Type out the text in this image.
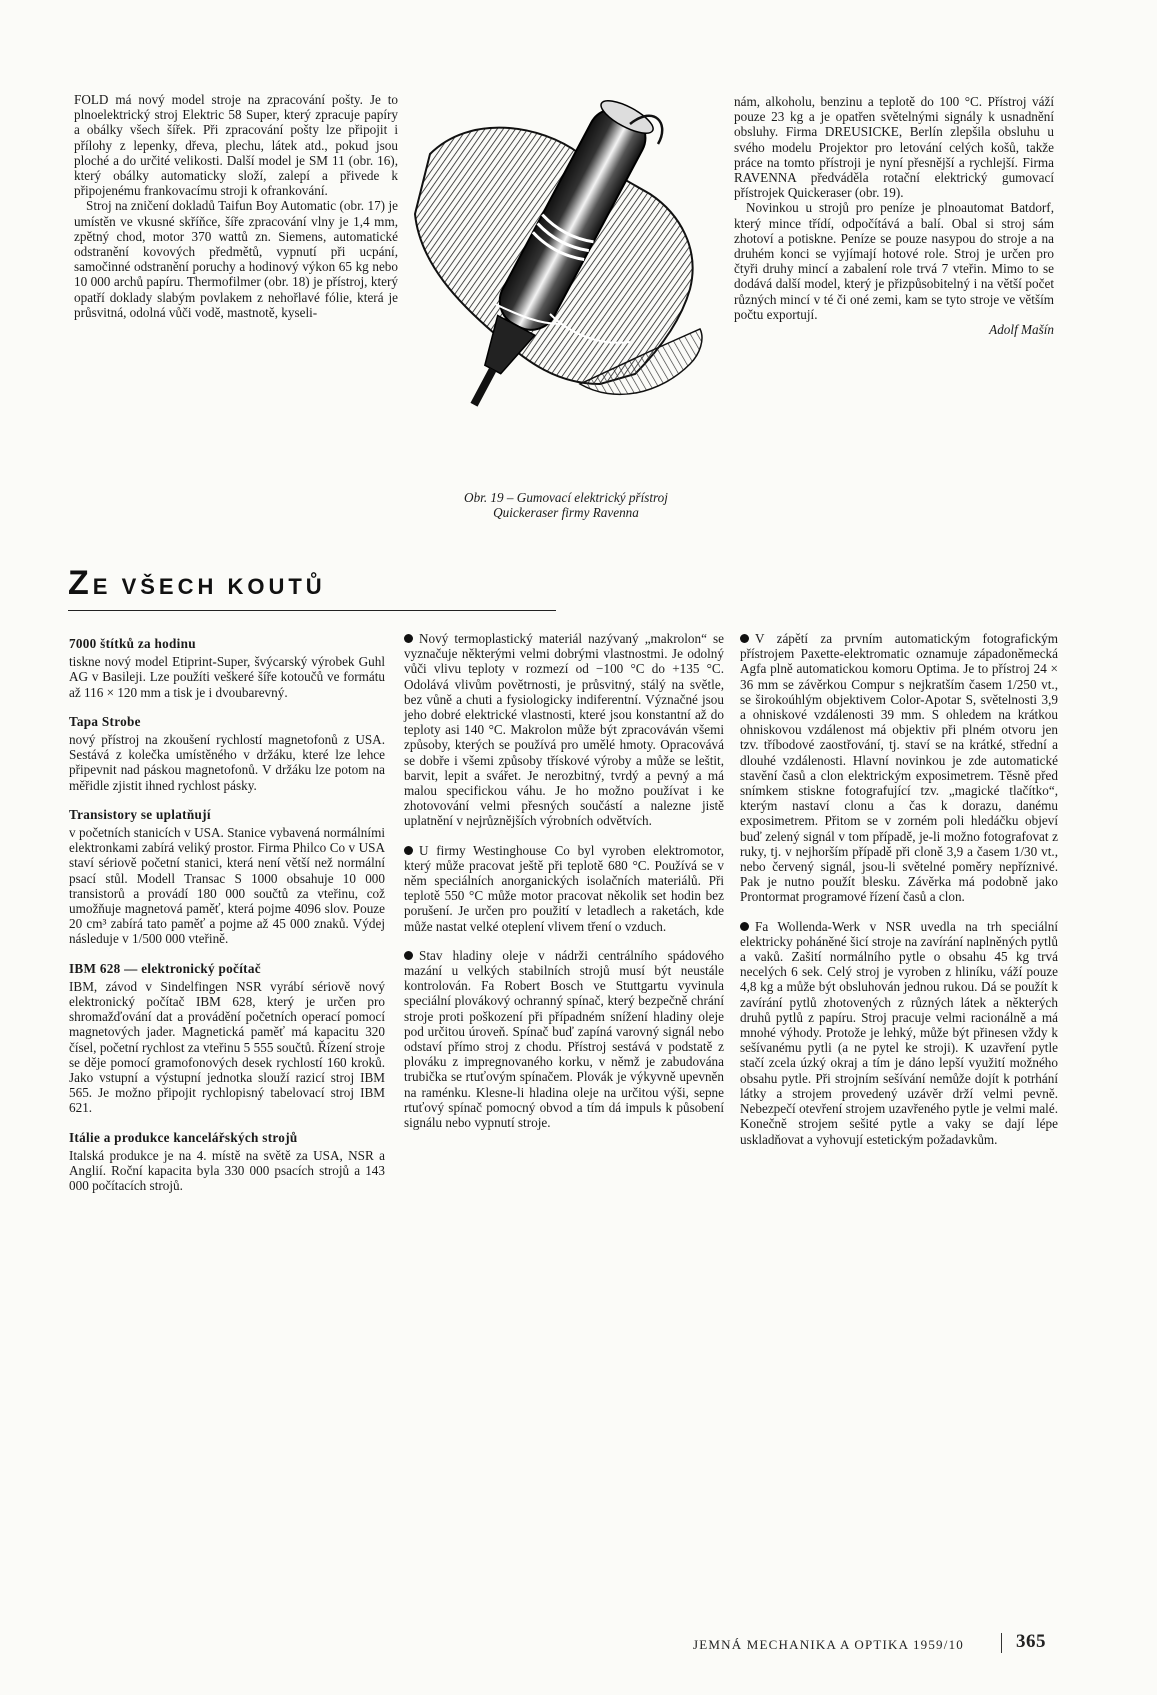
FOLD má nový model stroje na zpracování pošty. Je to plnoelektrický stroj Elektric 58 Super, který zpracuje papíry a obálky všech šířek. Při zpracování pošty lze připojit i přílohy z lepenky, dřeva, plechu, látek atd., pokud jsou ploché a do určité velikosti. Další model je SM 11 (obr. 16), který obálky automaticky složí, zalepí a přivede k připojenému frankovacímu stroji k ofrankování.

Stroj na zničení dokladů Taifun Boy Automatic (obr. 17) je umístěn ve vkusné skříňce, šíře zpracování vlny je 1,4 mm, zpětný chod, motor 370 wattů zn. Siemens, automatické odstranění kovových předmětů, vypnutí při ucpání, samočinné odstranění poruchy a hodinový výkon 65 kg nebo 10 000 archů papíru. Thermofilmer (obr. 18) je přístroj, který opatří doklady slabým povlakem z nehořlavé fólie, která je průsvitná, odolná vůči vodě, mastnotě, kyseli-

Obr. 19 – Gumovací elektrický přístroj
Quickeraser firmy Ravenna

nám, alkoholu, benzinu a teplotě do 100 °C. Přístroj váží pouze 23 kg a je opatřen světelnými signály k usnadnění obsluhy. Firma DREUSICKE, Berlín zlepšila obsluhu u svého modelu Projektor pro letování celých košů, takže práce na tomto přístroji je nyní přesnější a rychlejší. Firma RAVENNA předváděla rotační elektrický gumovací přístrojek Quickeraser (obr. 19).

Novinkou u strojů pro peníze je plnoautomat Batdorf, který mince třídí, odpočítává a balí. Obal si stroj sám zhotoví a potiskne. Peníze se pouze nasypou do stroje a na druhém konci se vyjímají hotové role. Stroj je určen pro čtyři druhy mincí a zabalení role trvá 7 vteřin. Mimo to se dodává další model, který je přizpůsobitelný i na větší počet různých mincí v té či oné zemi, kam se tyto stroje ve větším počtu exportují.

Adolf Mašín

ZE VŠECH KOUTŮ
7000 štítků za hodinu

tiskne nový model Etiprint-Super, švýcarský výrobek Guhl AG v Basileji. Lze použíti veškeré šíře kotoučů ve formátu až 116 × 120 mm a tisk je i dvoubarevný.

Tapa Strobe

nový přístroj na zkoušení rychlostí magnetofonů z USA. Sestává z kolečka umístěného v držáku, které lze lehce připevnit nad páskou magnetofonů. V držáku lze potom na měřidle zjistit ihned rychlost pásky.

Transistory se uplatňují

v početních stanicích v USA. Stanice vybavená normálními elektronkami zabírá veliký prostor. Firma Philco Co v USA staví sériově početní stanici, která není větší než normální psací stůl. Modell Transac S 1000 obsahuje 10 000 transistorů a provádí 180 000 součtů za vteřinu, což umožňuje magnetová paměť, která pojme 4096 slov. Pouze 20 cm³ zabírá tato paměť a pojme až 45 000 znaků. Výdej následuje v 1/500 000 vteřině.

IBM 628 — elektronický počítač

IBM, závod v Sindelfingen NSR vyrábí sériově nový elektronický počítač IBM 628, který je určen pro shromažďování dat a provádění početních operací pomocí magnetových jader. Magnetická paměť má kapacitu 320 čísel, početní rychlost za vteřinu 5 555 součtů. Řízení stroje se děje pomocí gramofonových desek rychlostí 160 kroků. Jako vstupní a výstupní jednotka slouží razicí stroj IBM 565. Je možno připojit rychlopisný tabelovací stroj IBM 621.

Itálie a produkce kancelářských strojů

Italská produkce je na 4. místě na světě za USA, NSR a Anglií. Roční kapacita byla 330 000 psacích strojů a 143 000 počítacích strojů.

Nový termoplastický materiál nazývaný „makrolon“ se vyznačuje některými velmi dobrými vlastnostmi. Je odolný vůči vlivu teploty v rozmezí od −100 °C do +135 °C. Odolává vlivům povětrnosti, je průsvitný, stálý na světle, bez vůně a chuti a fysiologicky indiferentní. Význačné jsou jeho dobré elektrické vlastnosti, které jsou konstantní až do teploty asi 140 °C. Makrolon může být zpracováván všemi způsoby, kterých se používá pro umělé hmoty. Opracovává se dobře i všemi způsoby třískové výroby a může se leštit, barvit, lepit a svářet. Je nerozbitný, tvrdý a pevný a má malou specifickou váhu. Je ho možno používat i ke zhotovování velmi přesných součástí a nalezne jistě uplatnění v nejrůznějších výrobních odvětvích.

U firmy Westinghouse Co byl vyroben elektromotor, který může pracovat ještě při teplotě 680 °C. Používá se v něm speciálních anorganických isolačních materiálů. Při teplotě 550 °C může motor pracovat několik set hodin bez porušení. Je určen pro použití v letadlech a raketách, kde může nastat velké oteplení vlivem tření o vzduch.

Stav hladiny oleje v nádrži centrálního spádového mazání u velkých stabilních strojů musí být neustále kontrolován. Fa Robert Bosch ve Stuttgartu vyvinula speciální plovákový ochranný spínač, který bezpečně chrání stroje proti poškození při případném snížení hladiny oleje pod určitou úroveň. Spínač buď zapíná varovný signál nebo odstaví přímo stroj z chodu. Přístroj sestává v podstatě z plováku z impregnovaného korku, v němž je zabudována trubička se rtuťovým spínačem. Plovák je výkyvně upevněn na raménku. Klesne-li hladina oleje na určitou výši, sepne rtuťový spínač pomocný obvod a tím dá impuls k působení signálu nebo vypnutí stroje.

V zápětí za prvním automatickým fotografickým přístrojem Paxette-elektromatic oznamuje západoněmecká Agfa plně automatickou komoru Optima. Je to přístroj 24 × 36 mm se závěrkou Compur s nejkratším časem 1/250 vt., se širokoúhlým objektivem Color-Apotar S, světelnosti 3,9 a ohniskové vzdálenosti 39 mm. S ohledem na krátkou ohniskovou vzdálenost má objektiv při plném otvoru jen tzv. tříbodové zaostřování, tj. staví se na krátké, střední a dlouhé vzdálenosti. Hlavní novinkou je zde automatické stavění časů a clon elektrickým exposimetrem. Těsně před snímkem stiskne fotografující tzv. „magické tlačítko“, kterým nastaví clonu a čas k dorazu, danému exposimetrem. Přitom se v zorném poli hledáčku objeví buď zelený signál v tom případě, je-li možno fotografovat z ruky, tj. v nejhorším případě při cloně 3,9 a časem 1/30 vt., nebo červený signál, jsou-li světelné poměry nepříznivé. Pak je nutno použít blesku. Závěrka má podobně jako Prontormat programové řízení časů a clon.

Fa Wollenda-Werk v NSR uvedla na trh speciální elektricky poháněné šicí stroje na zavírání naplněných pytlů a vaků. Zašití normálního pytle o obsahu 45 kg trvá necelých 6 sek. Celý stroj je vyroben z hliníku, váží pouze 4,8 kg a může být obsluhován jednou rukou. Dá se použít k zavírání pytlů zhotovených z různých látek a některých druhů pytlů z papíru. Stroj pracuje velmi racionálně a má mnohé výhody. Protože je lehký, může být přinesen vždy k sešívanému pytli (a ne pytel ke stroji). K uzavření pytle stačí zcela úzký okraj a tím je dáno lepší využití možného obsahu pytle. Při strojním sešívání nemůže dojít k potrhání látky a strojem provedený uzávěr drží velmi pevně. Nebezpečí otevření strojem uzavřeného pytle je velmi malé. Konečně strojem sešité pytle a vaky se dají lépe uskladňovat a vyhovují estetickým požadavkům.

JEMNÁ MECHANIKA A OPTIKA 1959/10	365
